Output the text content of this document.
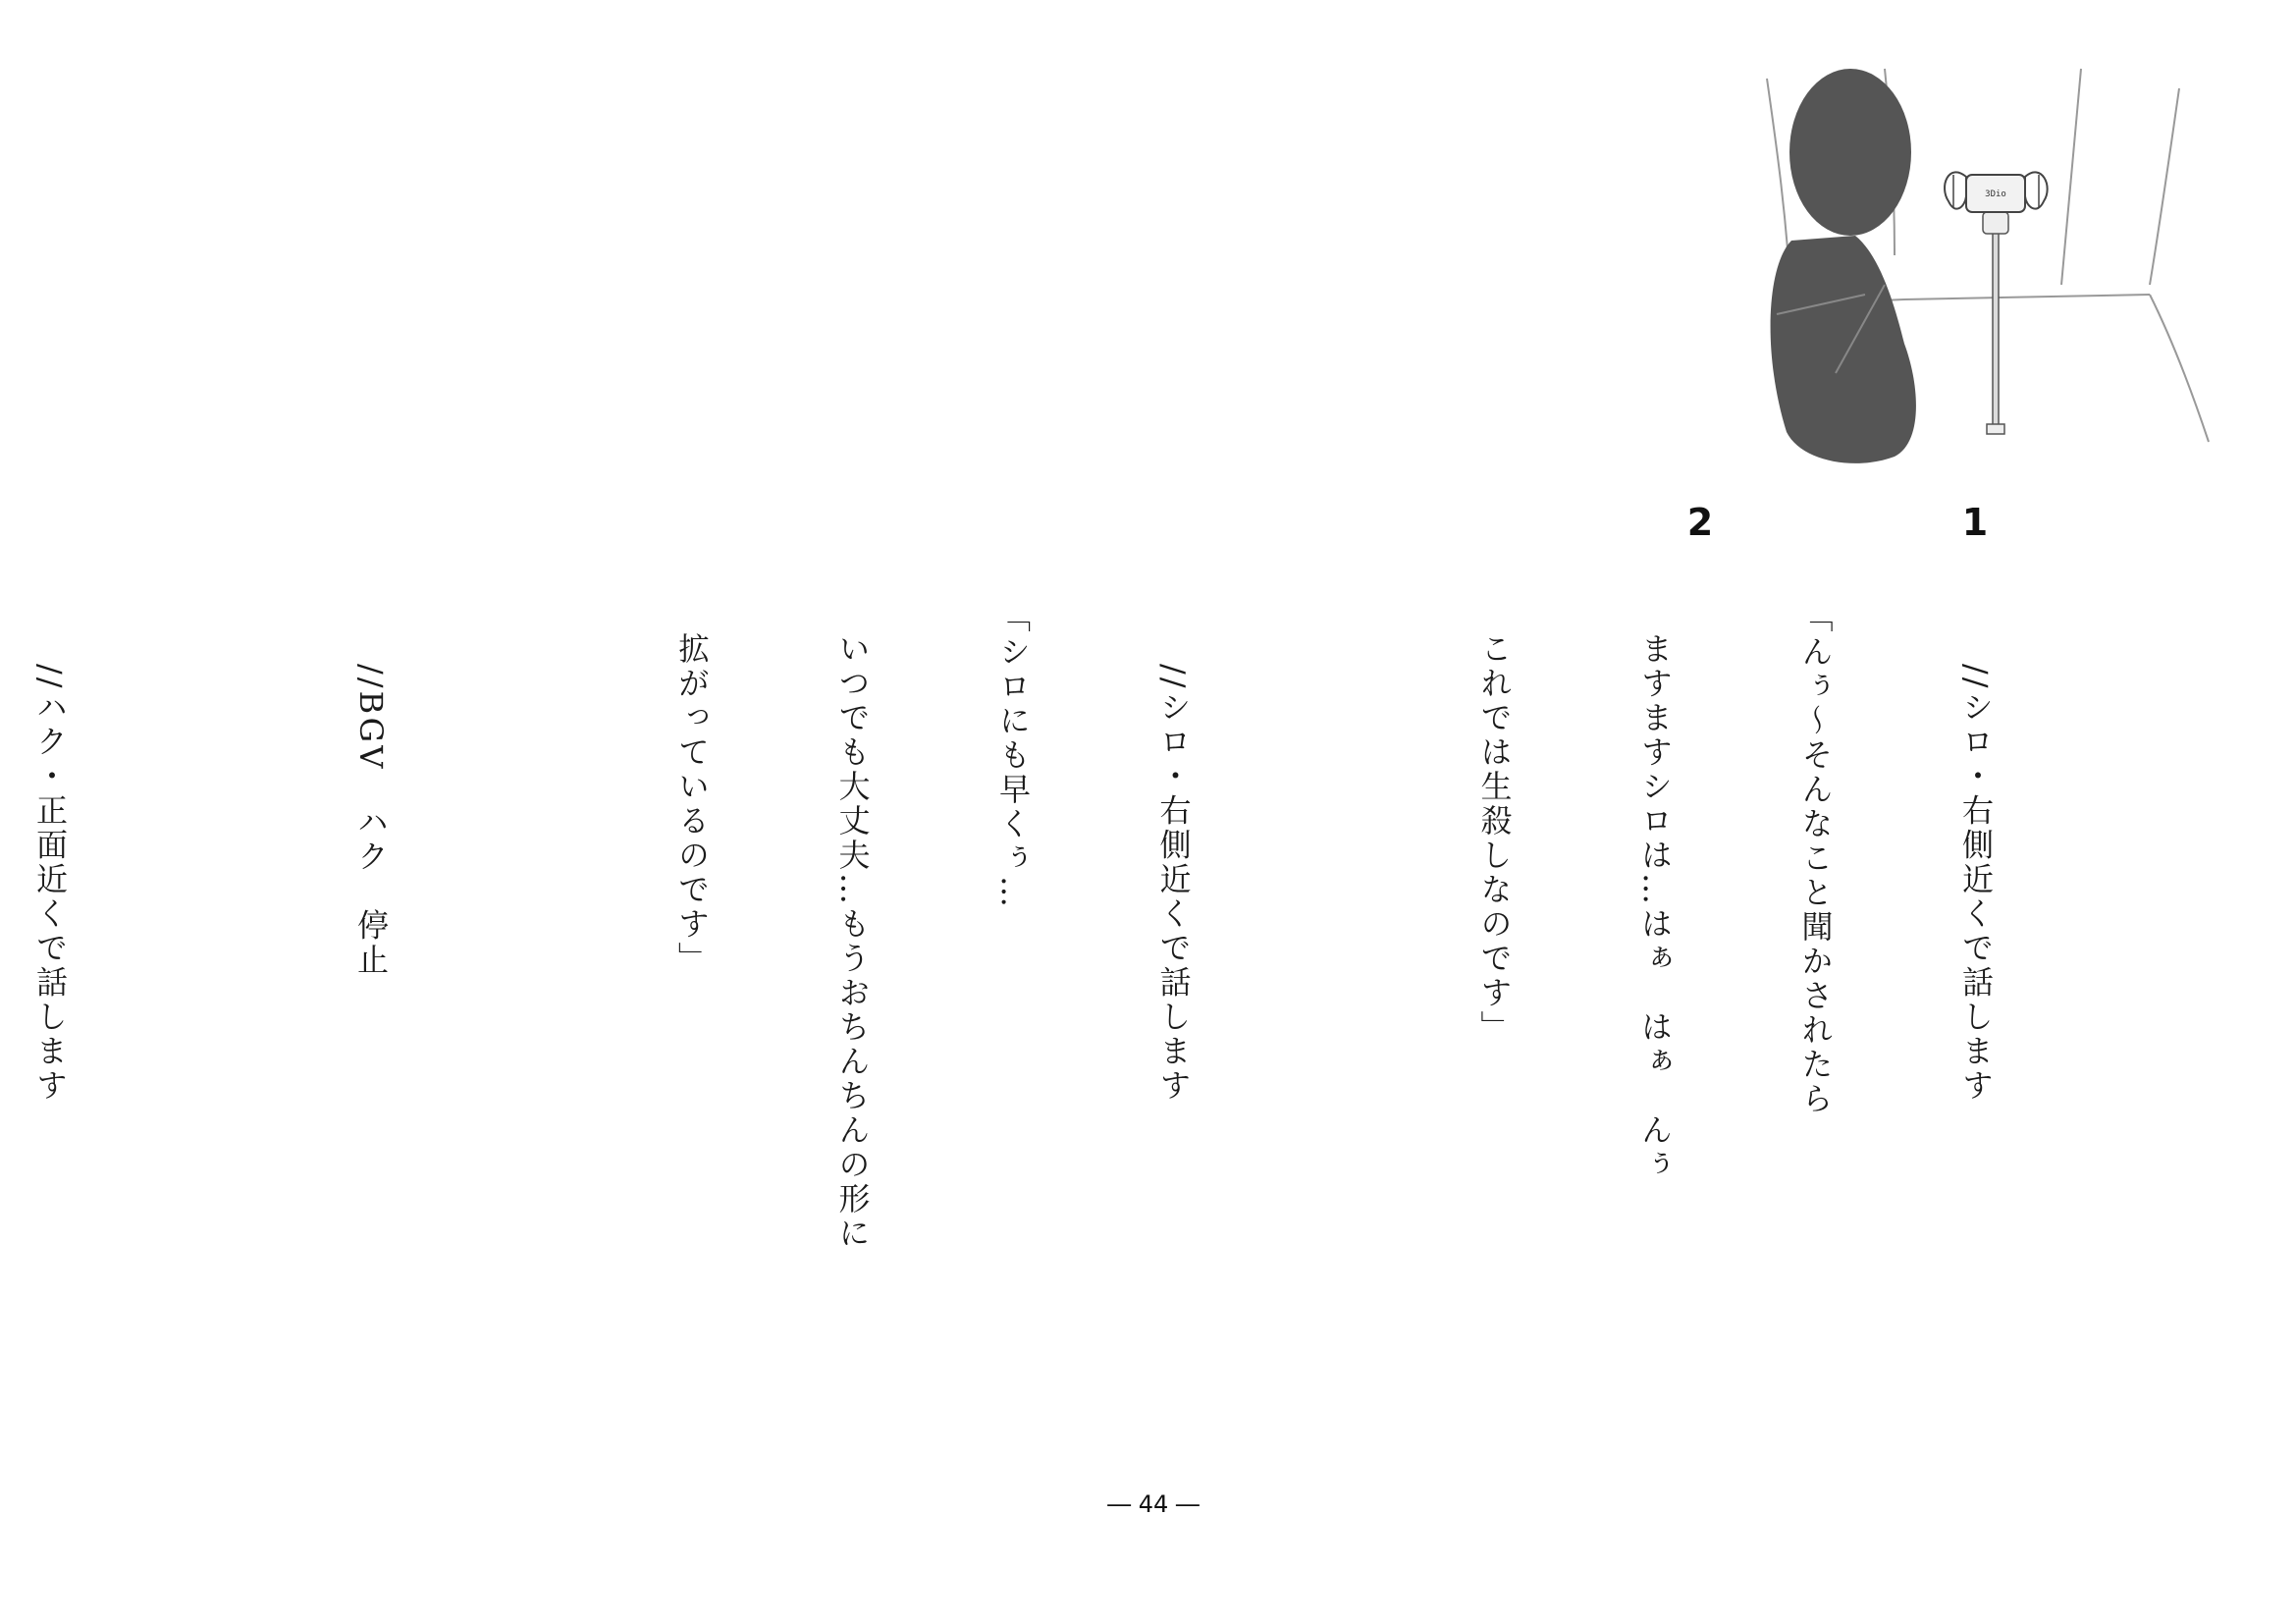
3Dio
1
2

//シロ・右側近くで話します

「んぅ〜そんなこと聞かされたら

ますますシロは…はぁ　はぁ　んぅ

これでは生殺しなのです」

//シロ・右側近くで話します

「シロにも早くぅ…

いつでも大丈夫…もうおちんちんの形に

拡がっているのです」

//BGV　ハク　停止

//ハク・正面近くで話します

― 44 ―
